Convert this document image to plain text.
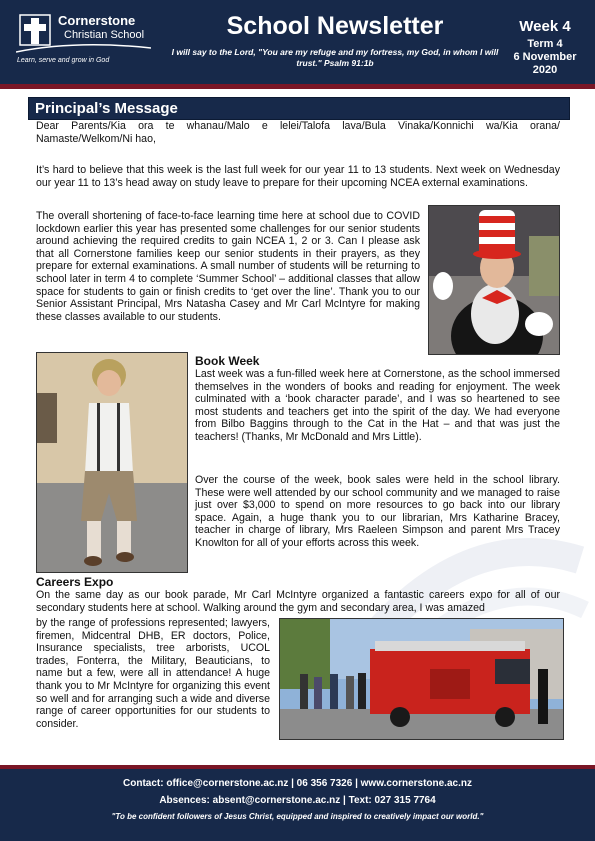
Cornerstone
Christian School
Learn, serve and grow in God
School Newsletter
I will say to the Lord, "You are my refuge and my fortress, my God, in whom I will trust." Psalm 91:1b
Week 4
Term 4
6 November
2020
Principal’s Message
Dear Parents/Kia ora te whanau/Malo e lelei/Talofa lava/Bula Vinaka/Konnichi wa/Kia orana/ Namaste/Welkom/Ni hao,
It’s hard to believe that this week is the last full week for our year 11 to 13 students. Next week on Wednesday our year 11 to 13’s head away on study leave to prepare for their upcoming NCEA external examinations.
The overall shortening of face-to-face learning time here at school due to COVID lockdown earlier this year has presented some challenges for our senior students around achieving the required credits to gain NCEA 1, 2 or 3. Can I please ask that all Cornerstone families keep our senior students in their prayers, as they prepare for external examinations. A small number of students will be returning to school later in term 4 to complete ‘Summer School’ – additional classes that allow space for students to gain or finish credits to ‘get over the line’. Thank you to our Senior Assistant Principal, Mrs Natasha Casey and Mr Carl McIntyre for making these classes available to our students.
Book Week
Last week was a fun-filled week here at Cornerstone, as the school immersed themselves in the wonders of books and reading for enjoyment. The week culminated with a ‘book character parade’, and I was so heartened to see most students and teachers get into the spirit of the day. We had everyone from Bilbo Baggins through to the Cat in the Hat – and that was just the teachers! (Thanks, Mr McDonald and Mrs Little).
Over the course of the week, book sales were held in the school library. These were well attended by our school community and we managed to raise just over $3,000 to spend on more resources to go back into our library space. Again, a huge thank you to our librarian, Mrs Katharine Bracey, teacher in charge of library, Mrs Raeleen Simpson and parent Mrs Tracey Knowlton for all of your efforts across this week.
Careers Expo
On the same day as our book parade, Mr Carl McIntyre organized a fantastic careers expo for all of our secondary students here at school. Walking around the gym and secondary area, I was amazed
by the range of professions represented; lawyers, firemen, Midcentral DHB, ER doctors, Police, Insurance specialists, tree arborists, UCOL trades, Fonterra, the Military, Beauticians, to name but a few, were all in attendance! A huge thank you to Mr McIntyre for organizing this event so well and for arranging such a wide and diverse range of career opportunities for our students to consider.
Contact: office@cornerstone.ac.nz | 06 356 7326 | www.cornerstone.ac.nz
Absences: absent@cornerstone.ac.nz | Text: 027 315 7764
"To be confident followers of Jesus Christ, equipped and inspired to creatively impact our world."
